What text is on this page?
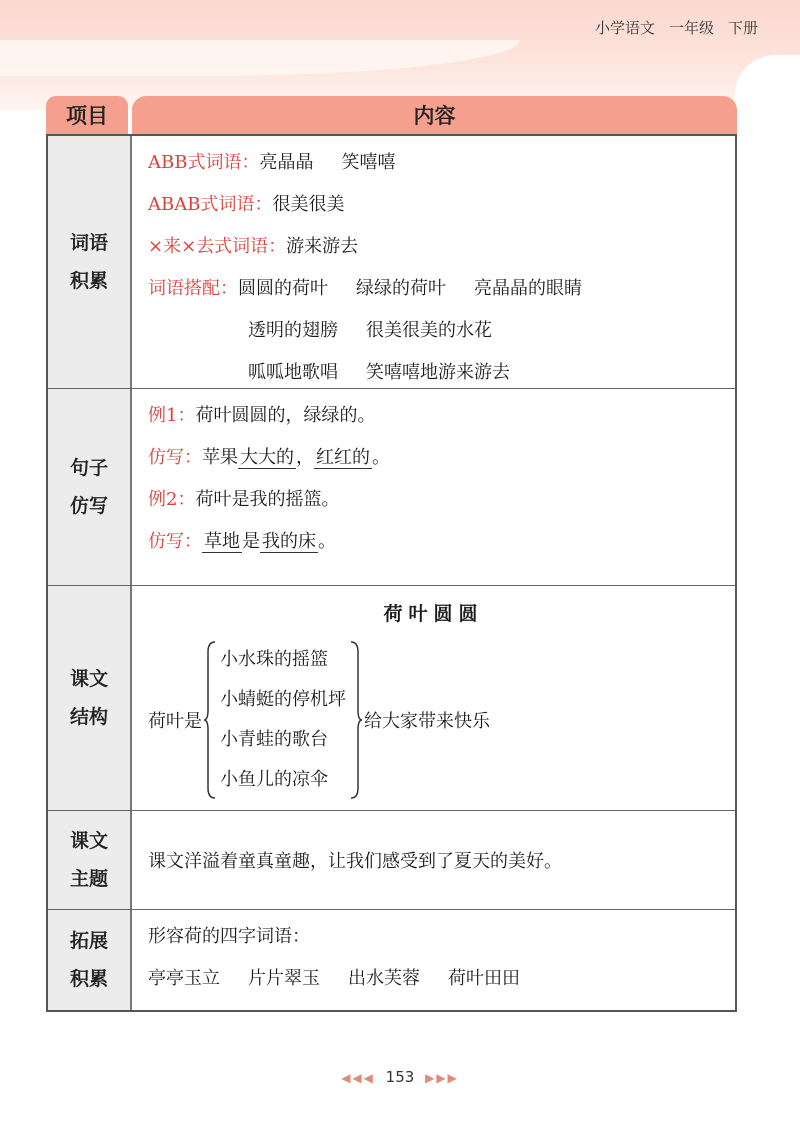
小学语文 一年级 下册
项目	内容
词语
积累
ABB式词语：亮晶晶 笑嘻嘻
ABAB式词语：很美很美
×来×去式词语：游来游去
词语搭配：圆圆的荷叶 绿绿的荷叶 亮晶晶的眼睛
透明的翅膀 很美很美的水花
呱呱地歌唱 笑嘻嘻地游来游去
句子
仿写
例1：荷叶圆圆的，绿绿的。
仿写：苹果 大大的 ， 红红的 。
例2：荷叶是我的摇篮。
仿写： 草地 是 我的床 。
课文
结构
荷叶圆圆
荷叶是
小水珠的摇篮
小蜻蜓的停机坪
小青蛙的歌台
小鱼儿的凉伞
给大家带来快乐
课文
主题
课文洋溢着童真童趣，让我们感受到了夏天的美好。
拓展
积累
形容荷的四字词语：
亭亭玉立 片片翠玉 出水芙蓉 荷叶田田
◀◀◀ 153 ▶▶▶
